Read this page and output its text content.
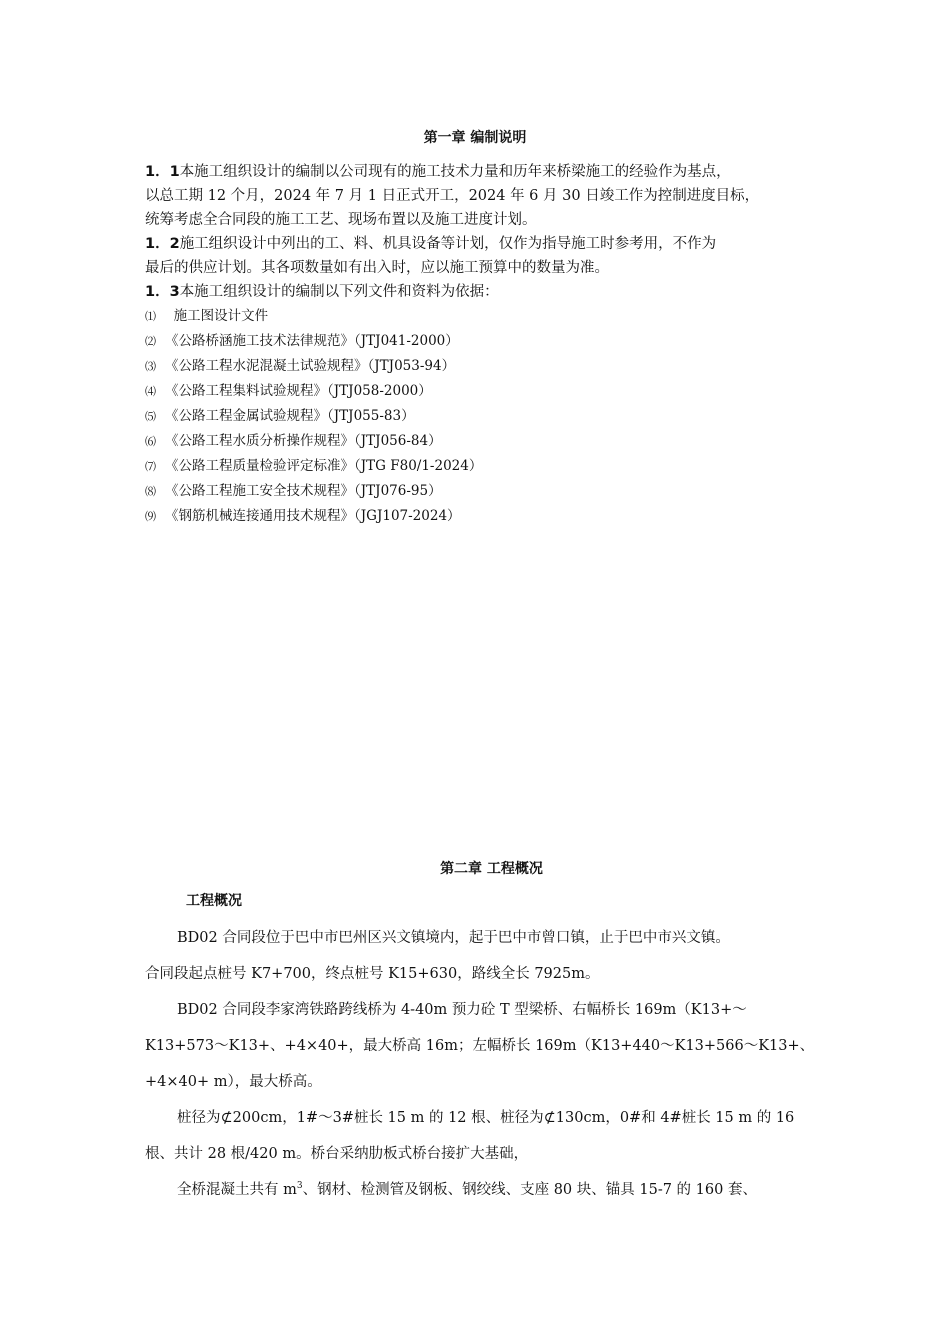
第一章 编制说明
1．1本施工组织设计的编制以公司现有的施工技术力量和历年来桥梁施工的经验作为基点，
以总工期 12 个月，2024 年 7 月 1 日正式开工，2024 年 6 月 30 日竣工作为控制进度目标，
统筹考虑全合同段的施工工艺、现场布置以及施工进度计划。
1．2施工组织设计中列出的工、料、机具设备等计划，仅作为指导施工时参考用，不作为
最后的供应计划。其各项数量如有出入时，应以施工预算中的数量为准。
1．3本施工组织设计的编制以下列文件和资料为依据：
⑴  施工图设计文件
⑵ 《公路桥涵施工技术法律规范》（JTJ041-2000）
⑶ 《公路工程水泥混凝土试验规程》（JTJ053-94）
⑷ 《公路工程集料试验规程》（JTJ058-2000）
⑸ 《公路工程金属试验规程》（JTJ055-83）
⑹ 《公路工程水质分析操作规程》（JTJ056-84）
⑺ 《公路工程质量检验评定标准》（JTG F80/1-2024）
⑻ 《公路工程施工安全技术规程》（JTJ076-95）
⑼ 《钢筋机械连接通用技术规程》（JGJ107-2024）
第二章 工程概况
工程概况
BD02 合同段位于巴中市巴州区兴文镇境内，起于巴中市曾口镇，止于巴中市兴文镇。
合同段起点桩号 K7+700，终点桩号 K15+630，路线全长 7925m。
BD02 合同段李家湾铁路跨线桥为 4-40m 预力砼 T 型梁桥、右幅桥长 169m（K13+～
K13+573～K13+、+4×40+，最大桥高 16m；左幅桥长 169m（K13+440～K13+566～K13+、
+4×40+ m），最大桥高。
桩径为⊄200cm，1#～3#桩长 15 m 的 12 根、桩径为⊄130cm，0#和 4#桩长 15 m 的 16
根、共计 28 根/420 m。桥台采纳肋板式桥台接扩大基础，
全桥混凝土共有 $m^3$、钢材、检测管及钢板、钢绞线、支座 80 块、锚具 15-7 的 160 套、
